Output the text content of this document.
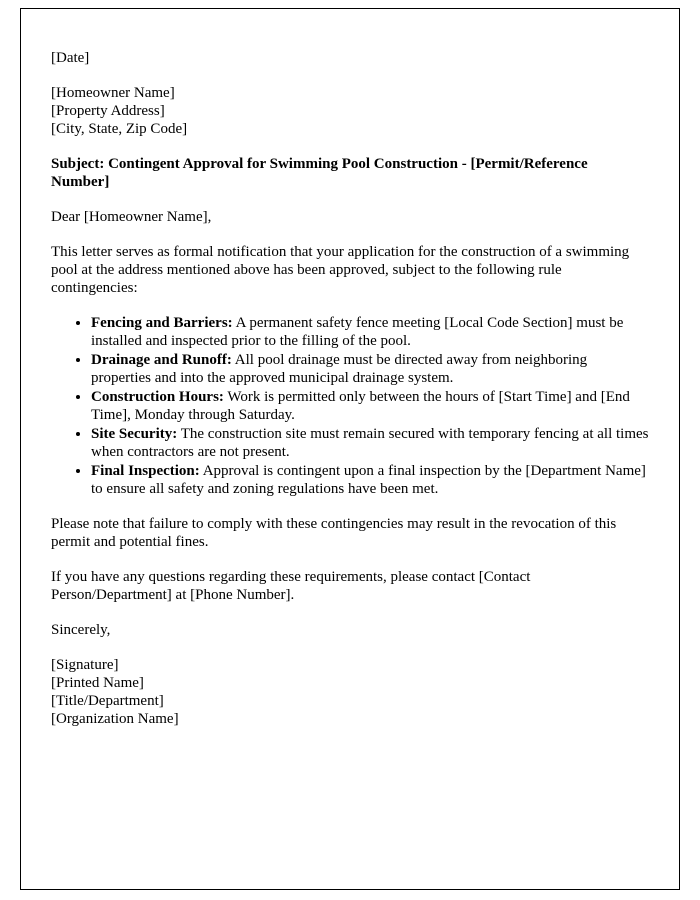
[Date]

[Homeowner Name]
[Property Address]
[City, State, Zip Code]

Subject: Contingent Approval for Swimming Pool Construction - [Permit/Reference Number]

Dear [Homeowner Name],

This letter serves as formal notification that your application for the construction of a swimming pool at the address mentioned above has been approved, subject to the following rule contingencies:

• Fencing and Barriers: A permanent safety fence meeting [Local Code Section] must be installed and inspected prior to the filling of the pool.
• Drainage and Runoff: All pool drainage must be directed away from neighboring properties and into the approved municipal drainage system.
• Construction Hours: Work is permitted only between the hours of [Start Time] and [End Time], Monday through Saturday.
• Site Security: The construction site must remain secured with temporary fencing at all times when contractors are not present.
• Final Inspection: Approval is contingent upon a final inspection by the [Department Name] to ensure all safety and zoning regulations have been met.

Please note that failure to comply with these contingencies may result in the revocation of this permit and potential fines.

If you have any questions regarding these requirements, please contact [Contact Person/Department] at [Phone Number].

Sincerely,

[Signature]
[Printed Name]
[Title/Department]
[Organization Name]
